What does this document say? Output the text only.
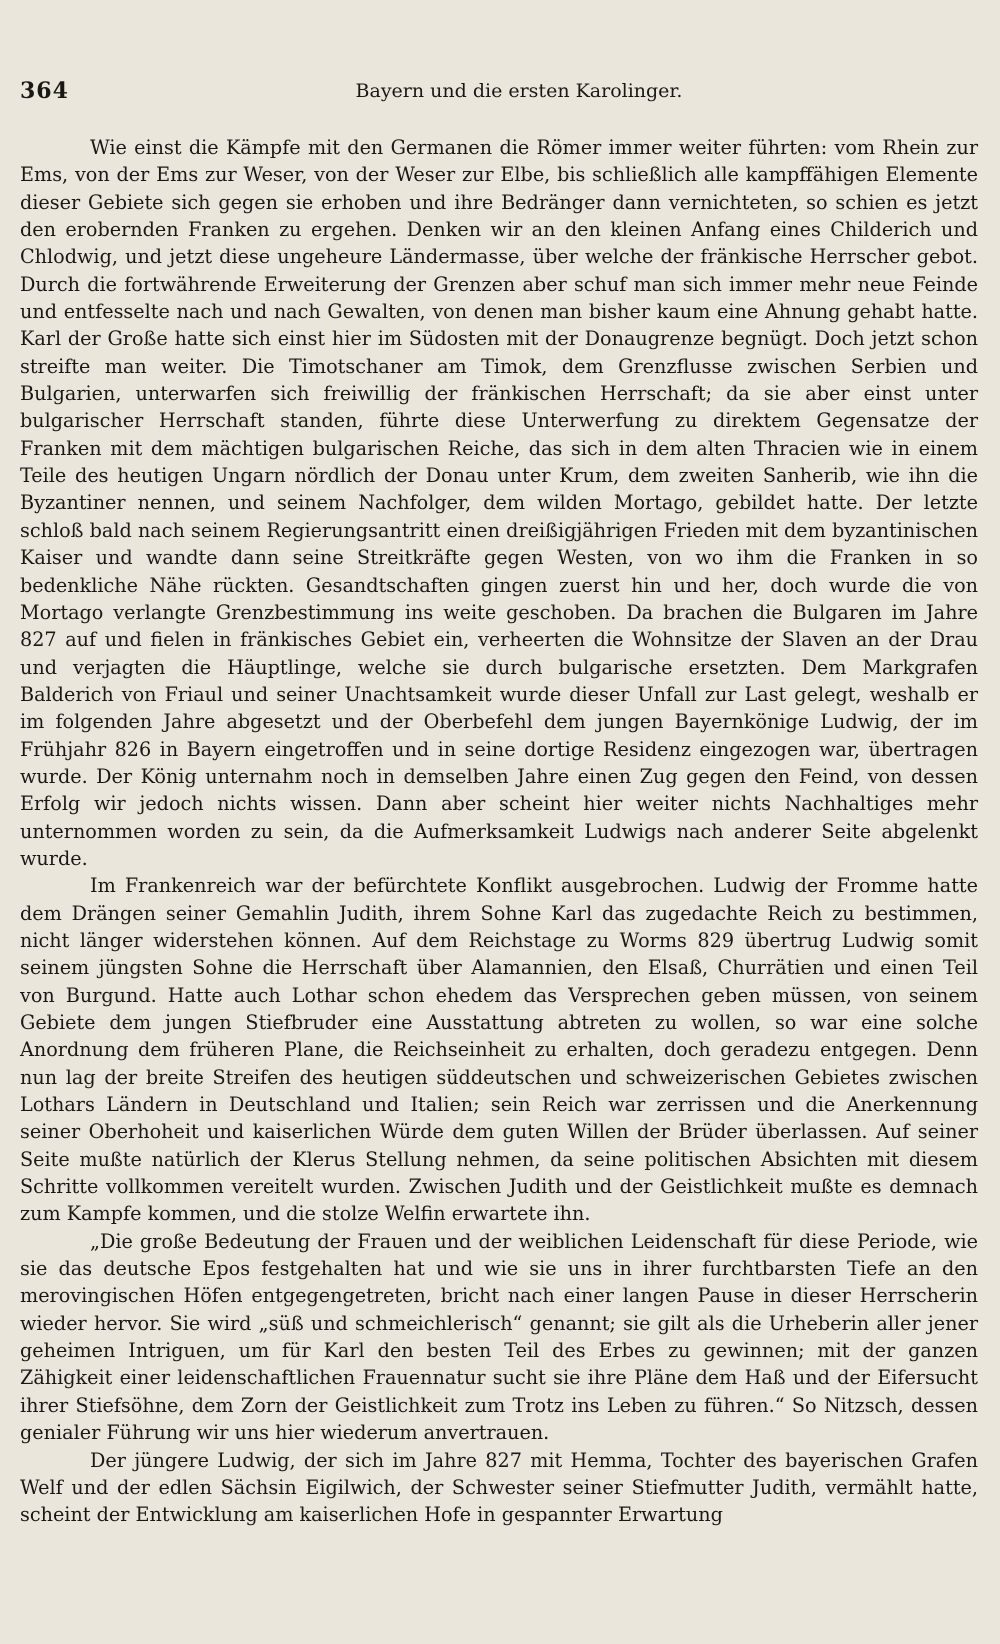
364	Bayern und die ersten Karolinger.

Wie einst die Kämpfe mit den Germanen die Römer immer weiter führten: vom Rhein zur Ems, von der Ems zur Weser, von der Weser zur Elbe, bis schließlich alle kampffähigen Elemente dieser Gebiete sich gegen sie erhoben und ihre Bedränger dann vernichteten, so schien es jetzt den erobernden Franken zu ergehen. Denken wir an den kleinen Anfang eines Childerich und Chlodwig, und jetzt diese ungeheure Ländermasse, über welche der fränkische Herrscher gebot. Durch die fortwährende Erweiterung der Grenzen aber schuf man sich immer mehr neue Feinde und entfesselte nach und nach Gewalten, von denen man bisher kaum eine Ahnung gehabt hatte. Karl der Große hatte sich einst hier im Südosten mit der Donaugrenze begnügt. Doch jetzt schon streifte man weiter. Die Timotschaner am Timok, dem Grenzflusse zwischen Serbien und Bulgarien, unterwarfen sich freiwillig der fränkischen Herrschaft; da sie aber einst unter bulgarischer Herrschaft standen, führte diese Unterwerfung zu direktem Gegensatze der Franken mit dem mächtigen bulgarischen Reiche, das sich in dem alten Thracien wie in einem Teile des heutigen Ungarn nördlich der Donau unter Krum, dem zweiten Sanherib, wie ihn die Byzantiner nennen, und seinem Nachfolger, dem wilden Mortago, gebildet hatte. Der letzte schloß bald nach seinem Regierungsantritt einen dreißigjährigen Frieden mit dem byzantinischen Kaiser und wandte dann seine Streitkräfte gegen Westen, von wo ihm die Franken in so bedenkliche Nähe rückten. Gesandtschaften gingen zuerst hin und her, doch wurde die von Mortago verlangte Grenzbestimmung ins weite geschoben. Da brachen die Bulgaren im Jahre 827 auf und fielen in fränkisches Gebiet ein, verheerten die Wohnsitze der Slaven an der Drau und verjagten die Häuptlinge, welche sie durch bulgarische ersetzten. Dem Markgrafen Balderich von Friaul und seiner Unachtsamkeit wurde dieser Unfall zur Last gelegt, weshalb er im folgenden Jahre abgesetzt und der Oberbefehl dem jungen Bayernkönige Ludwig, der im Frühjahr 826 in Bayern eingetroffen und in seine dortige Residenz eingezogen war, übertragen wurde. Der König unternahm noch in demselben Jahre einen Zug gegen den Feind, von dessen Erfolg wir jedoch nichts wissen. Dann aber scheint hier weiter nichts Nachhaltiges mehr unternommen worden zu sein, da die Aufmerksamkeit Ludwigs nach anderer Seite abgelenkt wurde.

Im Frankenreich war der befürchtete Konflikt ausgebrochen. Ludwig der Fromme hatte dem Drängen seiner Gemahlin Judith, ihrem Sohne Karl das zugedachte Reich zu bestimmen, nicht länger widerstehen können. Auf dem Reichstage zu Worms 829 übertrug Ludwig somit seinem jüngsten Sohne die Herrschaft über Alamannien, den Elsaß, Churrätien und einen Teil von Burgund. Hatte auch Lothar schon ehedem das Versprechen geben müssen, von seinem Gebiete dem jungen Stiefbruder eine Ausstattung abtreten zu wollen, so war eine solche Anordnung dem früheren Plane, die Reichseinheit zu erhalten, doch geradezu entgegen. Denn nun lag der breite Streifen des heutigen süddeutschen und schweizerischen Gebietes zwischen Lothars Ländern in Deutschland und Italien; sein Reich war zerrissen und die Anerkennung seiner Oberhoheit und kaiserlichen Würde dem guten Willen der Brüder überlassen. Auf seiner Seite mußte natürlich der Klerus Stellung nehmen, da seine politischen Absichten mit diesem Schritte vollkommen vereitelt wurden. Zwischen Judith und der Geistlichkeit mußte es demnach zum Kampfe kommen, und die stolze Welfin erwartete ihn.

„Die große Bedeutung der Frauen und der weiblichen Leidenschaft für diese Periode, wie sie das deutsche Epos festgehalten hat und wie sie uns in ihrer furchtbarsten Tiefe an den merovingischen Höfen entgegengetreten, bricht nach einer langen Pause in dieser Herrscherin wieder hervor. Sie wird „süß und schmeichlerisch“ genannt; sie gilt als die Urheberin aller jener geheimen Intriguen, um für Karl den besten Teil des Erbes zu gewinnen; mit der ganzen Zähigkeit einer leidenschaftlichen Frauennatur sucht sie ihre Pläne dem Haß und der Eifersucht ihrer Stiefsöhne, dem Zorn der Geistlichkeit zum Trotz ins Leben zu führen.“ So Nitzsch, dessen genialer Führung wir uns hier wiederum anvertrauen.

Der jüngere Ludwig, der sich im Jahre 827 mit Hemma, Tochter des bayerischen Grafen Welf und der edlen Sächsin Eigilwich, der Schwester seiner Stiefmutter Judith, vermählt hatte, scheint der Entwicklung am kaiserlichen Hofe in gespannter Erwartung
